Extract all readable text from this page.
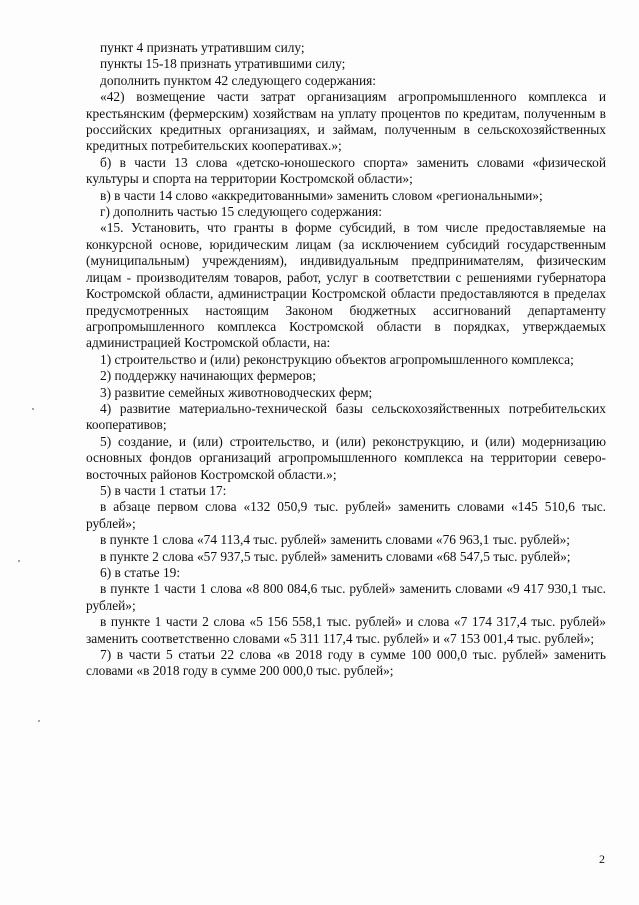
пункт 4 признать утратившим силу;

пункты 15-18 признать утратившими силу;

дополнить пунктом 42 следующего содержания:

«42) возмещение части затрат организациям агропромышленного комплекса и крестьянским (фермерским) хозяйствам на уплату процентов по кредитам, полученным в российских кредитных организациях, и займам, полученным в сельскохозяйственных кредитных потребительских кооперативах.»;

б) в части 13 слова «детско-юношеского спорта» заменить словами «физической культуры и спорта на территории Костромской области»;

в) в части 14 слово «аккредитованными» заменить словом «региональными»;

г) дополнить частью 15 следующего содержания:

«15. Установить, что гранты в форме субсидий, в том числе предоставляемые на конкурсной основе, юридическим лицам (за исключением субсидий государственным (муниципальным) учреждениям), индивидуальным предпринимателям, физическим лицам - производителям товаров, работ, услуг в соответствии с решениями губернатора Костромской области, администрации Костромской области предоставляются в пределах предусмотренных настоящим Законом бюджетных ассигнований департаменту агропромышленного комплекса Костромской области в порядках, утверждаемых администрацией Костромской области, на:

1) строительство и (или) реконструкцию объектов агропромышленного комплекса;

2) поддержку начинающих фермеров;

3) развитие семейных животноводческих ферм;

4) развитие материально-технической базы сельскохозяйственных потребительских кооперативов;

5) создание, и (или) строительство, и (или) реконструкцию, и (или) модернизацию основных фондов организаций агропромышленного комплекса на территории северо-восточных районов Костромской области.»;

5) в части 1 статьи 17:

в абзаце первом слова «132 050,9 тыс. рублей» заменить словами «145 510,6 тыс. рублей»;

в пункте 1 слова «74 113,4 тыс. рублей» заменить словами «76 963,1 тыс. рублей»;

в пункте 2 слова «57 937,5 тыс. рублей» заменить словами «68 547,5 тыс. рублей»;

6) в статье 19:

в пункте 1 части 1 слова «8 800 084,6 тыс. рублей» заменить словами «9 417 930,1 тыс. рублей»;

в пункте 1 части 2 слова «5 156 558,1 тыс. рублей» и слова «7 174 317,4 тыс. рублей» заменить соответственно словами «5 311 117,4 тыс. рублей» и «7 153 001,4 тыс. рублей»;

7) в части 5 статьи 22 слова «в 2018 году в сумме 100 000,0 тыс. рублей» заменить словами «в 2018 году в сумме 200 000,0 тыс. рублей»;

2
